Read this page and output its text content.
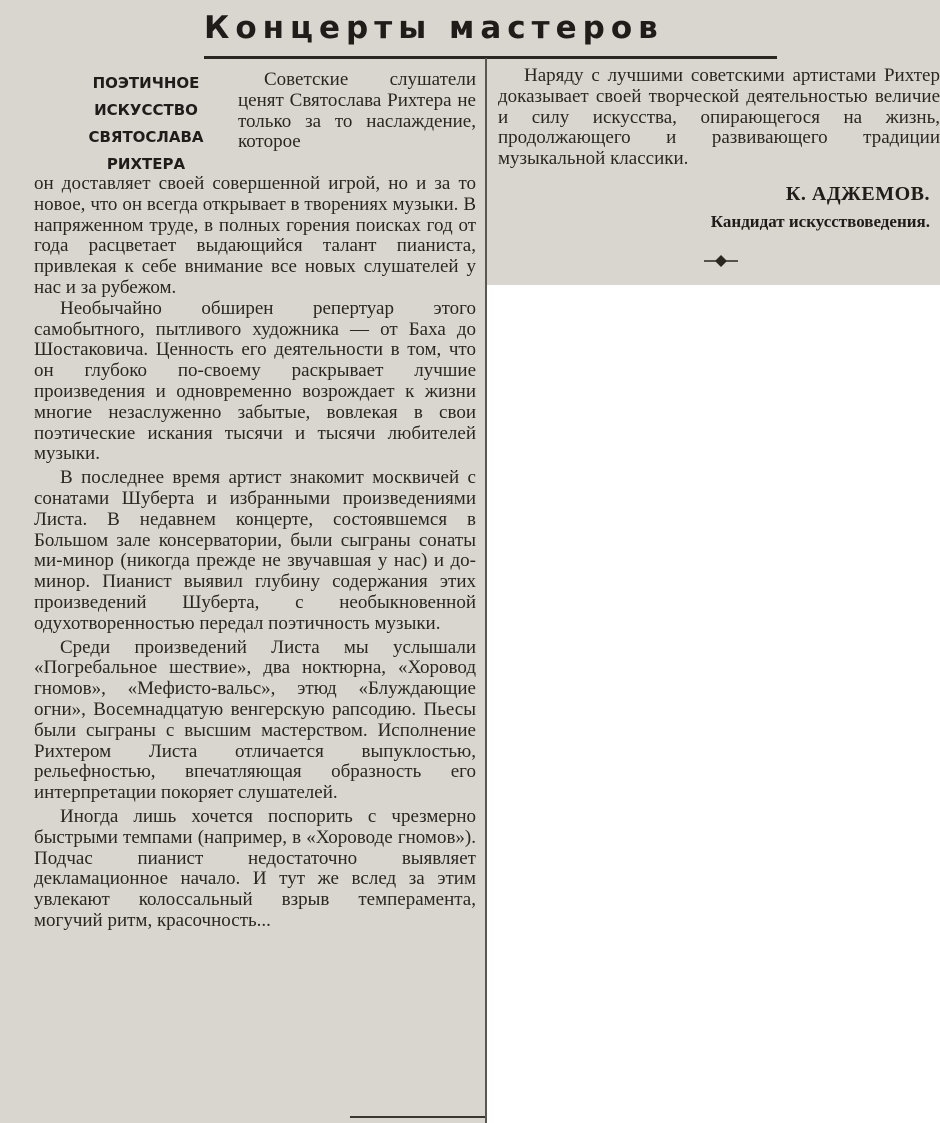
Концерты мастеров
ПОЭТИЧНОЕ
ИСКУССТВО
СВЯТОСЛАВА
РИХТЕРА

Советские слушатели ценят Святослава Рихтера не только за то наслаждение, которое

он доставляет своей совершенной игрой, но и за то новое, что он всегда открывает в творениях музыки. В напряженном труде, в полных горения поисках год от года расцветает выдающийся талант пианиста, привлекая к себе внимание все новых слушателей у нас и за рубежом.

Необычайно обширен репертуар этого самобытного, пытливого художника — от Баха до Шостаковича. Ценность его деятельности в том, что он глубоко по-своему раскрывает лучшие произведения и одновременно возрождает к жизни многие незаслуженно забытые, вовлекая в свои поэтические искания тысячи и тысячи любителей музыки.

В последнее время артист знакомит москвичей с сонатами Шуберта и избранными произведениями Листа. В недавнем концерте, состоявшемся в Большом зале консерватории, были сыграны сонаты ми-минор (никогда прежде не звучавшая у нас) и до-минор. Пианист выявил глубину содержания этих произведений Шуберта, с необыкновенной одухотворенностью передал поэтичность музыки.

Среди произведений Листа мы услышали «Погребальное шествие», два ноктюрна, «Хоровод гномов», «Мефисто-вальс», этюд «Блуждающие огни», Восемнадцатую венгерскую рапсодию. Пьесы были сыграны с высшим мастерством. Исполнение Рихтером Листа отличается выпуклостью, рельефностью, впечатляющая образность его интерпретации покоряет слушателей.

Иногда лишь хочется поспорить с чрезмерно быстрыми темпами (например, в «Хороводе гномов»). Подчас пианист недостаточно выявляет декламационное начало. И тут же вслед за этим увлекают колоссальный взрыв темперамента, могучий ритм, красочность...

Наряду с лучшими советскими артистами Рихтер доказывает своей творческой деятельностью величие и силу искусства, опирающегося на жизнь, продолжающего и развивающего традиции музыкальной классики.

К. АДЖЕМОВ.
Кандидат искусствоведения.
